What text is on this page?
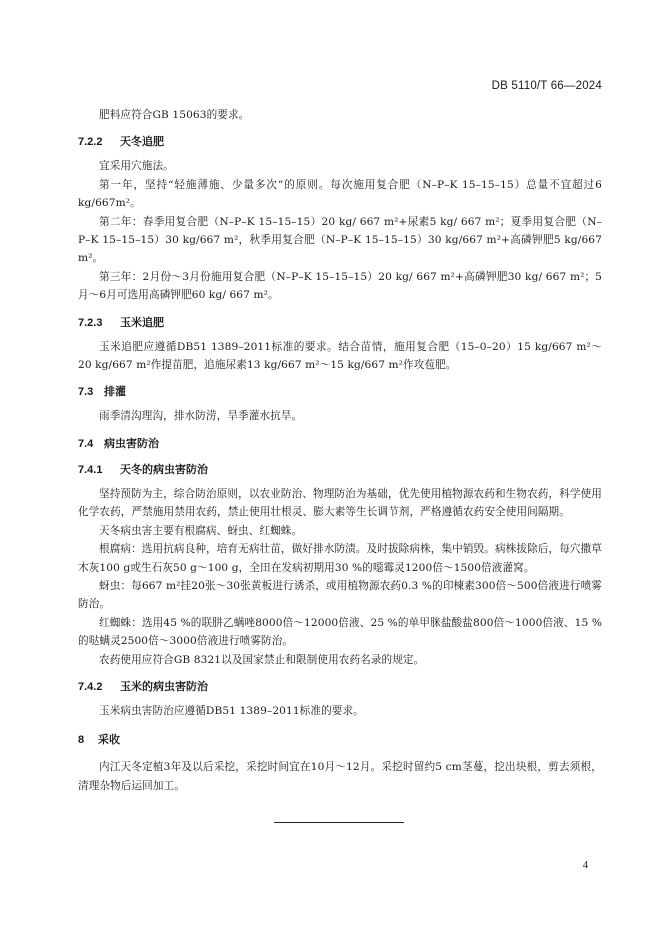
DB 5110/T 66—2024

肥料应符合GB 15063的要求。

7.2.2 天冬追肥

宜采用穴施法。

第一年，坚持“轻施薄施、少量多次”的原则。每次施用复合肥（N–P–K 15–15–15）总量不宜超过6 kg/667m²。

第二年：春季用复合肥（N–P–K 15–15–15）20 kg/ 667 m²+尿素5 kg/ 667 m²；夏季用复合肥（N–P–K 15–15–15）30 kg/667 m²，秋季用复合肥（N–P–K 15–15–15）30 kg/667 m²+高磷钾肥5 kg/667 m²。

第三年：2月份～3月份施用复合肥（N–P–K 15–15–15）20 kg/ 667 m²+高磷钾肥30 kg/ 667 m²；5月～6月可选用高磷钾肥60 kg/ 667 m²。

7.2.3 玉米追肥

玉米追肥应遵循DB51 1389–2011标准的要求。结合苗情，施用复合肥（15–0–20）15 kg/667 m²～20 kg/667 m²作提苗肥，追施尿素13 kg/667 m²～15 kg/667 m²作攻苞肥。

7.3 排灌

雨季清沟理沟，排水防涝，旱季灌水抗旱。

7.4 病虫害防治

7.4.1 天冬的病虫害防治

坚持预防为主，综合防治原则，以农业防治、物理防治为基础，优先使用植物源农药和生物农药，科学使用化学农药，严禁施用禁用农药，禁止使用壮根灵、膨大素等生长调节剂，严格遵循农药安全使用间隔期。

天冬病虫害主要有根腐病、蚜虫、红蜘蛛。

根腐病：选用抗病良种，培育无病壮苗，做好排水防渍。及时拔除病株，集中销毁。病株拔除后，每穴撒草木灰100 g或生石灰50 g～100 g，全田在发病初期用30 %的噁霉灵1200倍～1500倍液灌窝。

蚜虫：每667 m²挂20张～30张黄板进行诱杀，或用植物源农药0.3 %的印楝素300倍～500倍液进行喷雾防治。

红蜘蛛：选用45 %的联肼乙螨唑8000倍～12000倍液、25 %的单甲脒盐酸盐800倍～1000倍液、15 %的哒螨灵2500倍～3000倍液进行喷雾防治。

农药使用应符合GB 8321以及国家禁止和限制使用农药名录的规定。

7.4.2 玉米的病虫害防治

玉米病虫害防治应遵循DB51 1389–2011标准的要求。

8 采收

内江天冬定植3年及以后采挖，采挖时间宜在10月～12月。采挖时留约5 cm茎蔓，挖出块根，剪去须根，清理杂物后运回加工。

4
